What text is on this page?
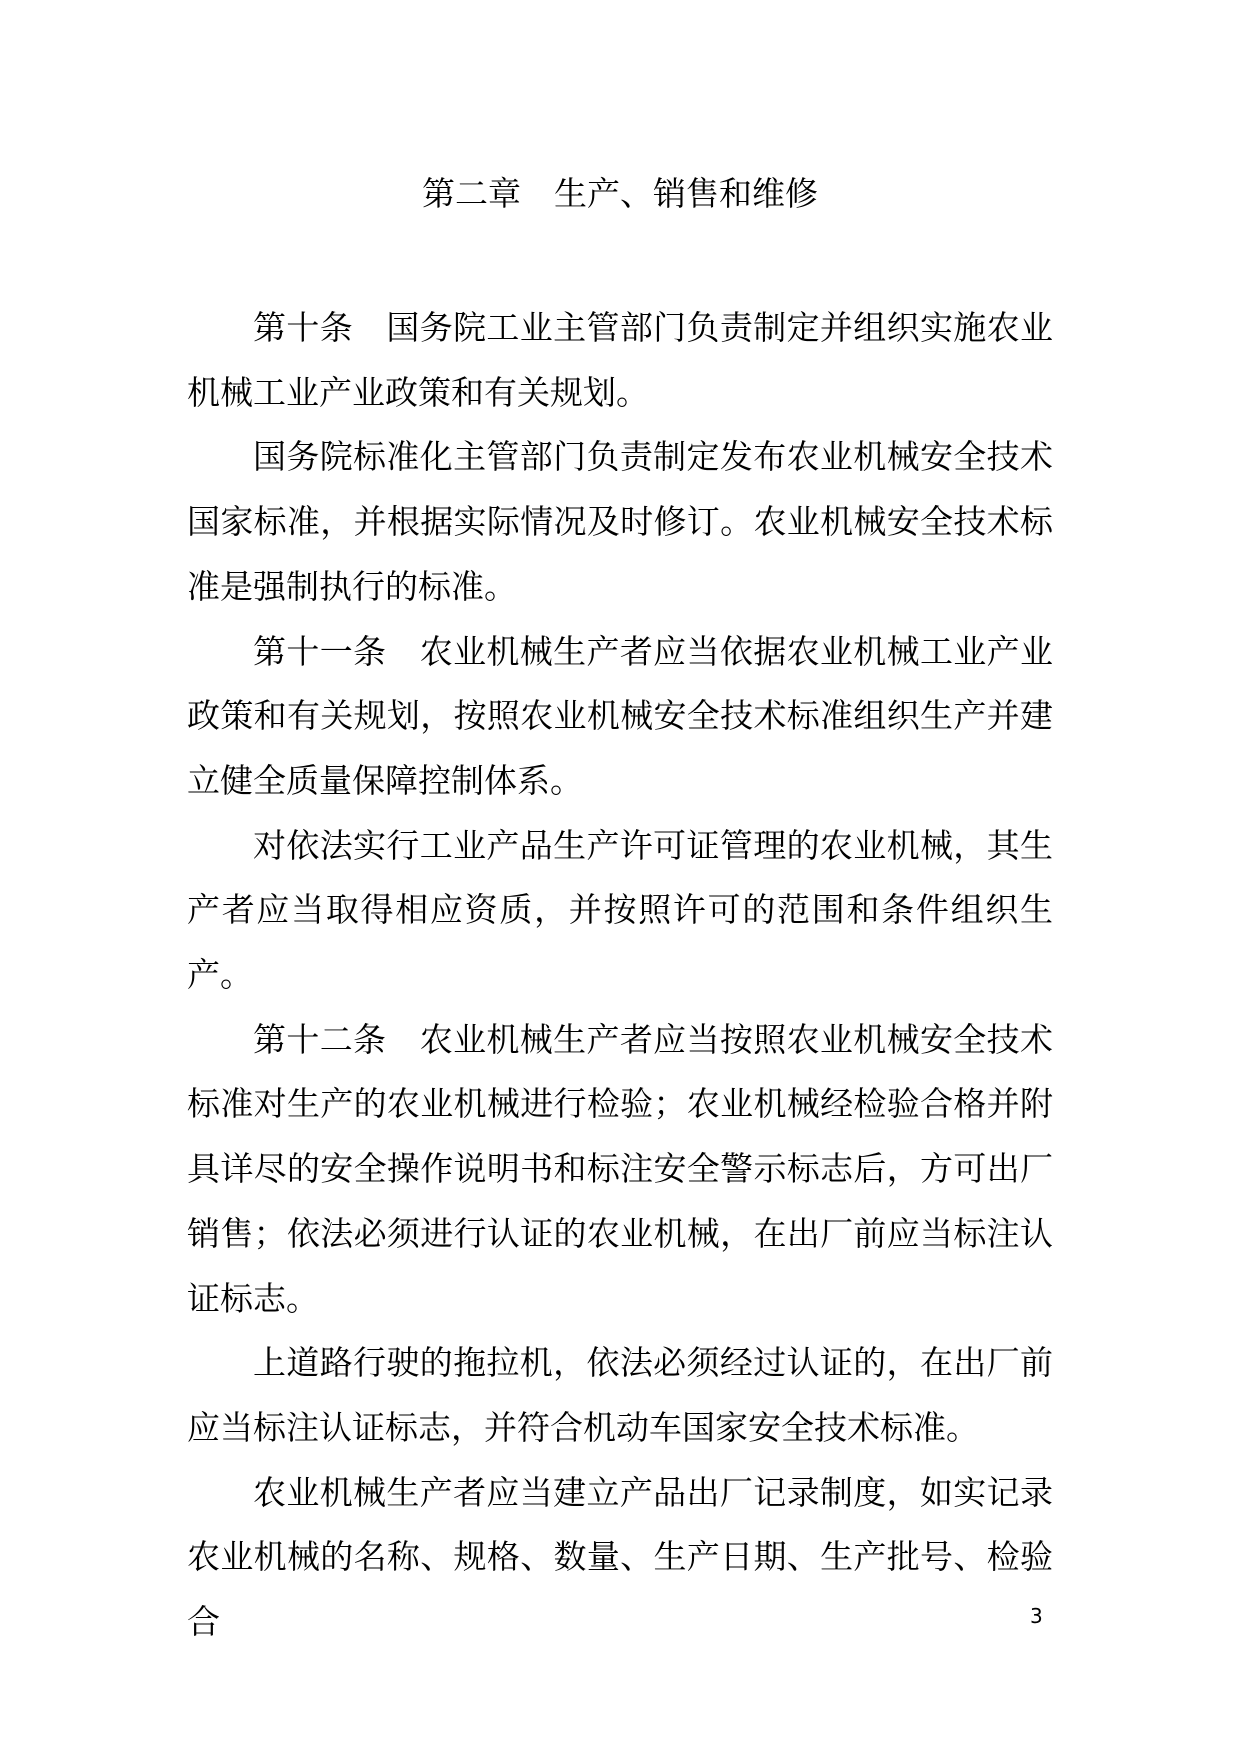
第二章　生产、销售和维修

第十条　国务院工业主管部门负责制定并组织实施农业机械工业产业政策和有关规划。

国务院标准化主管部门负责制定发布农业机械安全技术国家标准，并根据实际情况及时修订。农业机械安全技术标准是强制执行的标准。

第十一条　农业机械生产者应当依据农业机械工业产业政策和有关规划，按照农业机械安全技术标准组织生产并建立健全质量保障控制体系。

对依法实行工业产品生产许可证管理的农业机械，其生产者应当取得相应资质，并按照许可的范围和条件组织生产。

第十二条　农业机械生产者应当按照农业机械安全技术标准对生产的农业机械进行检验；农业机械经检验合格并附具详尽的安全操作说明书和标注安全警示标志后，方可出厂销售；依法必须进行认证的农业机械，在出厂前应当标注认证标志。

上道路行驶的拖拉机，依法必须经过认证的，在出厂前应当标注认证标志，并符合机动车国家安全技术标准。

农业机械生产者应当建立产品出厂记录制度，如实记录农业机械的名称、规格、数量、生产日期、生产批号、检验合	3
